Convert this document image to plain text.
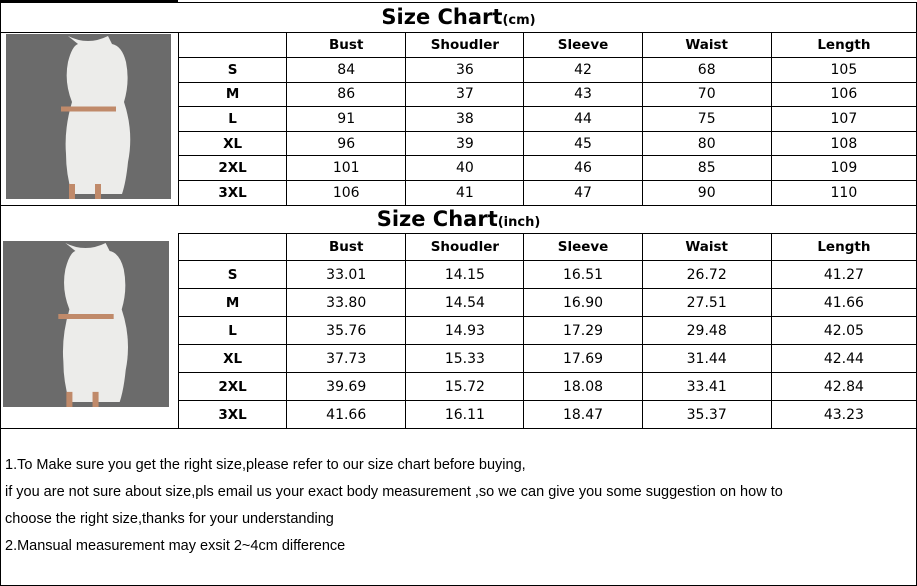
Size Chart(cm)
	Bust	Shoudler	Sleeve	Waist	Length
S	84	36	42	68	105
M	86	37	43	70	106
L	91	38	44	75	107
XL	96	39	45	80	108
2XL	101	40	46	85	109
3XL	106	41	47	90	110
Size Chart(inch)
	Bust	Shoudler	Sleeve	Waist	Length
S	33.01	14.15	16.51	26.72	41.27
M	33.80	14.54	16.90	27.51	41.66
L	35.76	14.93	17.29	29.48	42.05
XL	37.73	15.33	17.69	31.44	42.44
2XL	39.69	15.72	18.08	33.41	42.84
3XL	41.66	16.11	18.47	35.37	43.23
1.To Make sure you get the right size,please refer to our size chart before buying,
if you are not sure about size,pls email us your exact body measurement ,so we can give you some suggestion on how to
choose the right size,thanks for your understanding
2.Mansual measurement may exsit 2~4cm difference
